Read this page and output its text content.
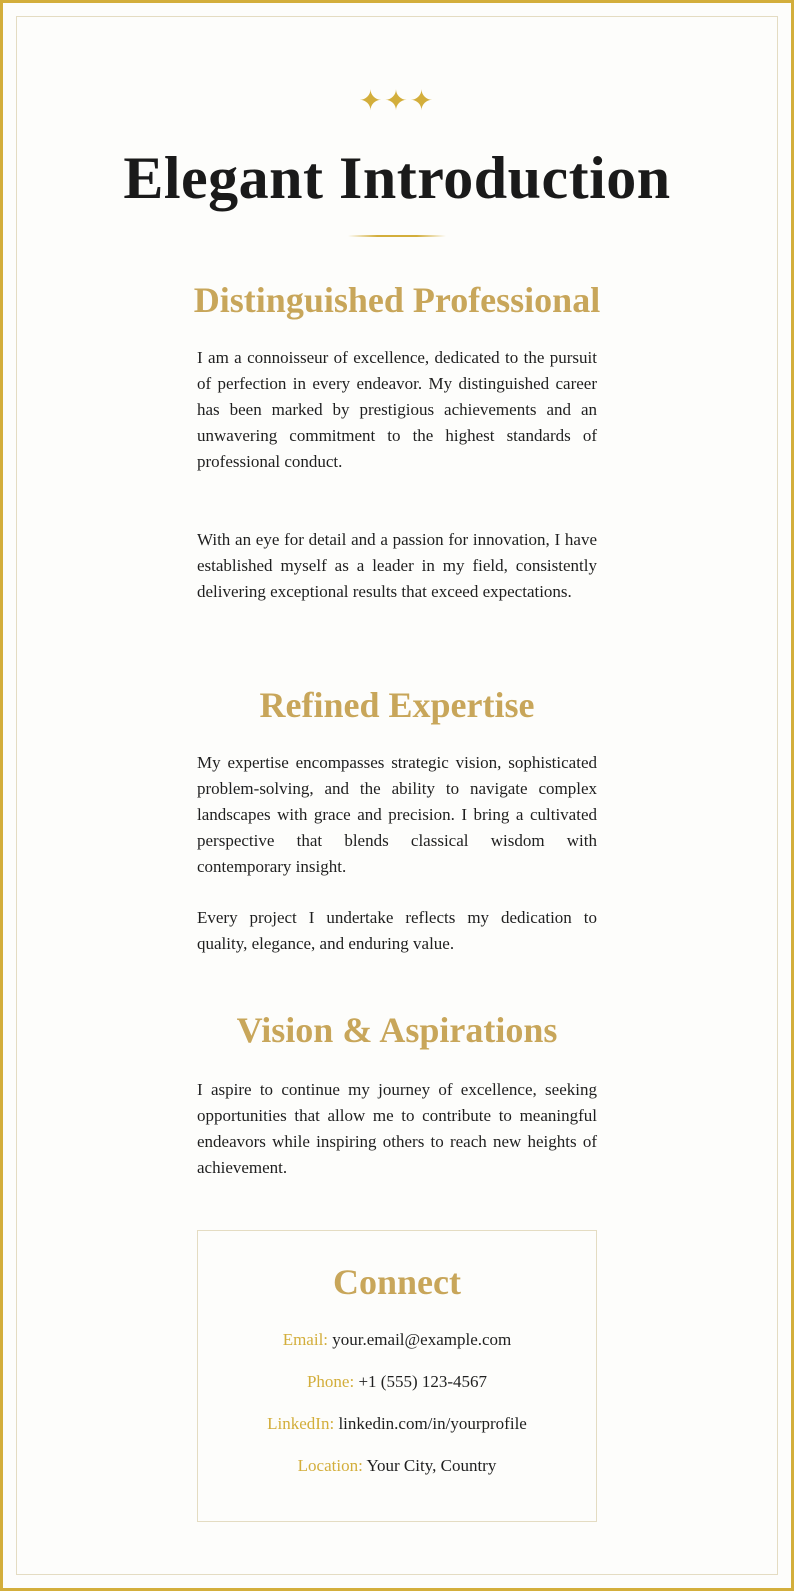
✦✦✦
Elegant Introduction
Distinguished Professional

I am a connoisseur of excellence, dedicated to the pursuit of perfection in every endeavor. My distinguished career has been marked by prestigious achievements and an unwavering commitment to the highest standards of professional conduct.

With an eye for detail and a passion for innovation, I have established myself as a leader in my field, consistently delivering exceptional results that exceed expectations.

Refined Expertise

My expertise encompasses strategic vision, sophisticated problem-solving, and the ability to navigate complex landscapes with grace and precision. I bring a cultivated perspective that blends classical wisdom with contemporary insight.

Every project I undertake reflects my dedication to quality, elegance, and enduring value.

Vision & Aspirations

I aspire to continue my journey of excellence, seeking opportunities that allow me to contribute to meaningful endeavors while inspiring others to reach new heights of achievement.

Connect
Email: your.email@example.com
Phone: +1 (555) 123-4567
LinkedIn: linkedin.com/in/yourprofile
Location: Your City, Country
